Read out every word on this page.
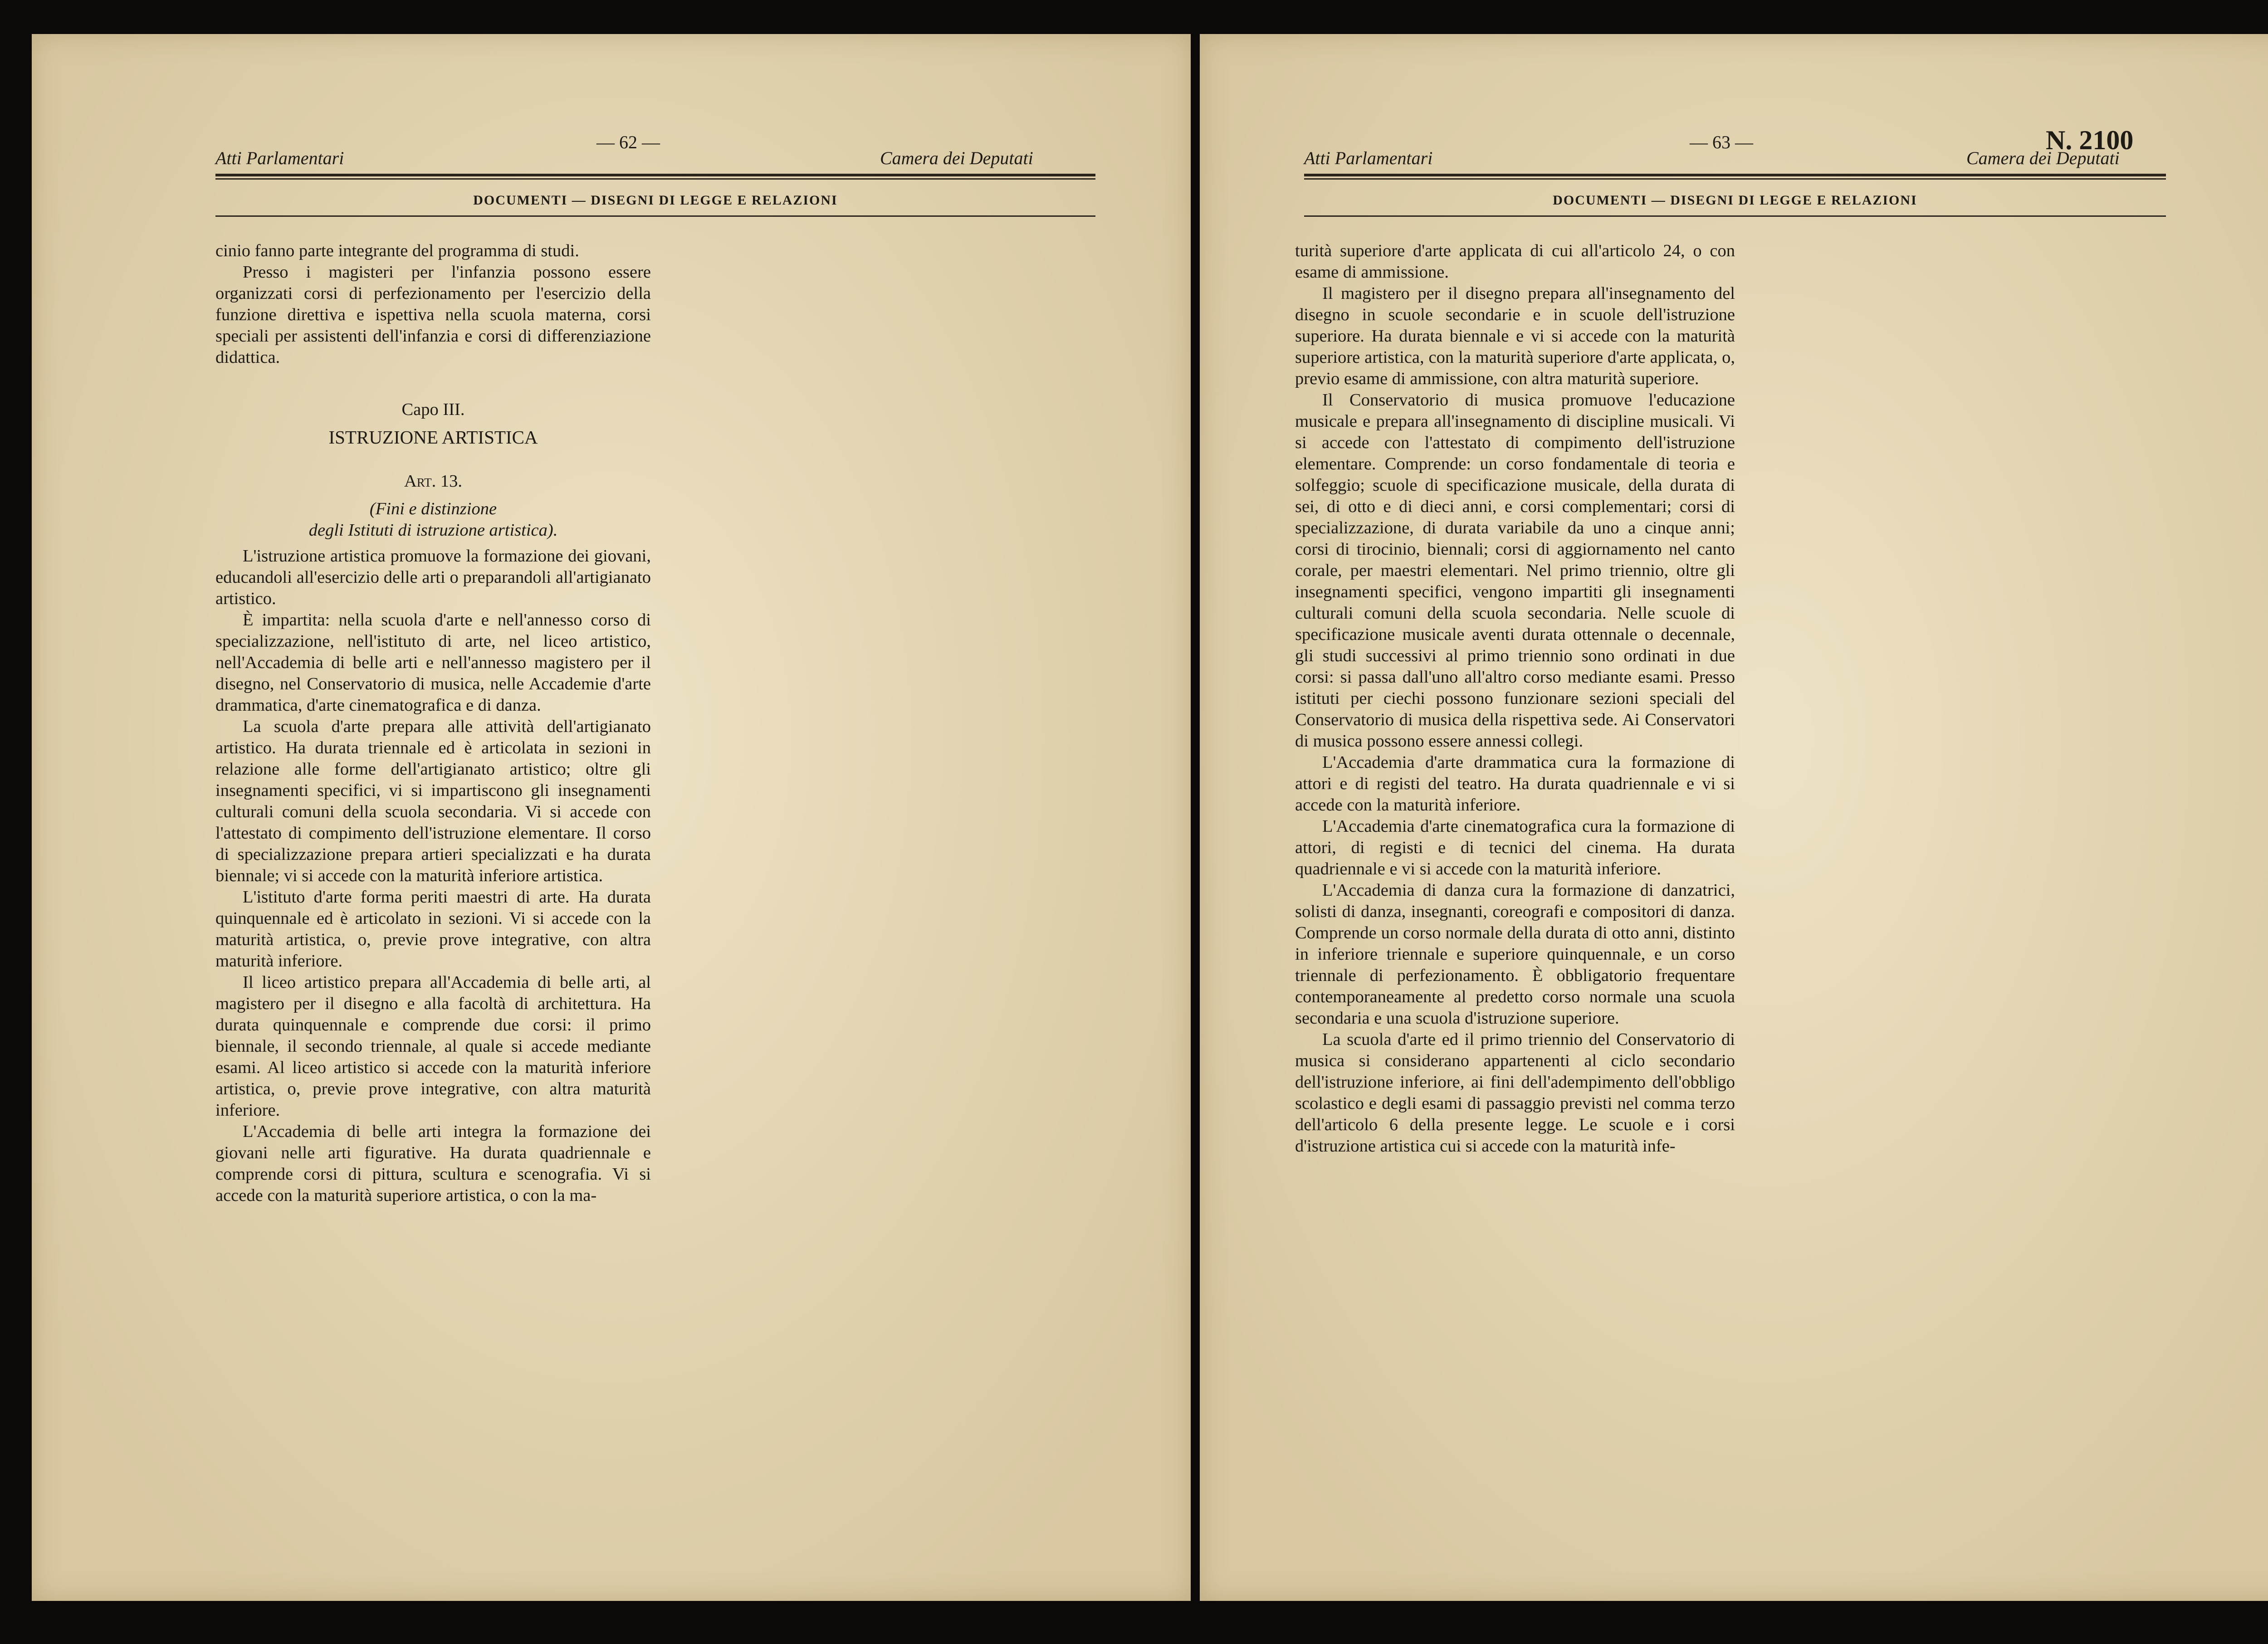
Atti Parlamentari
— 62 —
Camera dei Deputati
DOCUMENTI — DISEGNI DI LEGGE E RELAZIONI

cinio fanno parte integrante del programma di studi.

Presso i magisteri per l'infanzia possono essere organizzati corsi di perfezionamento per l'esercizio della funzione direttiva e ispettiva nella scuola materna, corsi speciali per assistenti dell'infanzia e corsi di differenziazione didattica.

Capo III.

ISTRUZIONE ARTISTICA

Art. 13.

(Fini e distinzione

degli Istituti di istruzione artistica).

L'istruzione artistica promuove la formazione dei giovani, educandoli all'esercizio delle arti o preparandoli all'artigianato artistico.

È impartita: nella scuola d'arte e nell'annesso corso di specializzazione, nell'istituto di arte, nel liceo artistico, nell'Accademia di belle arti e nell'annesso magistero per il disegno, nel Conservatorio di musica, nelle Accademie d'arte drammatica, d'arte cinematografica e di danza.

La scuola d'arte prepara alle attività dell'artigianato artistico. Ha durata triennale ed è articolata in sezioni in relazione alle forme dell'artigianato artistico; oltre gli insegnamenti specifici, vi si impartiscono gli insegnamenti culturali comuni della scuola secondaria. Vi si accede con l'attestato di compimento dell'istruzione elementare. Il corso di specializzazione prepara artieri specializzati e ha durata biennale; vi si accede con la maturità inferiore artistica.

L'istituto d'arte forma periti maestri di arte. Ha durata quinquennale ed è articolato in sezioni. Vi si accede con la maturità artistica, o, previe prove integrative, con altra maturità inferiore.

Il liceo artistico prepara all'Accademia di belle arti, al magistero per il disegno e alla facoltà di architettura. Ha durata quinquennale e comprende due corsi: il primo biennale, il secondo triennale, al quale si accede mediante esami. Al liceo artistico si accede con la maturità inferiore artistica, o, previe prove integrative, con altra maturità inferiore.

L'Accademia di belle arti integra la formazione dei giovani nelle arti figurative. Ha durata quadriennale e comprende corsi di pittura, scultura e scenografia. Vi si accede con la maturità superiore artistica, o con la ma-

Atti Parlamentari
— 63 —	N. 2100
Camera dei Deputati
DOCUMENTI — DISEGNI DI LEGGE E RELAZIONI

turità superiore d'arte applicata di cui all'articolo 24, o con esame di ammissione.

Il magistero per il disegno prepara all'insegnamento del disegno in scuole secondarie e in scuole dell'istruzione superiore. Ha durata biennale e vi si accede con la maturità superiore artistica, con la maturità superiore d'arte applicata, o, previo esame di ammissione, con altra maturità superiore.

Il Conservatorio di musica promuove l'educazione musicale e prepara all'insegnamento di discipline musicali. Vi si accede con l'attestato di compimento dell'istruzione elementare. Comprende: un corso fondamentale di teoria e solfeggio; scuole di specificazione musicale, della durata di sei, di otto e di dieci anni, e corsi complementari; corsi di specializzazione, di durata variabile da uno a cinque anni; corsi di tirocinio, biennali; corsi di aggiornamento nel canto corale, per maestri elementari. Nel primo triennio, oltre gli insegnamenti specifici, vengono impartiti gli insegnamenti culturali comuni della scuola secondaria. Nelle scuole di specificazione musicale aventi durata ottennale o decennale, gli studi successivi al primo triennio sono ordinati in due corsi: si passa dall'uno all'altro corso mediante esami. Presso istituti per ciechi possono funzionare sezioni speciali del Conservatorio di musica della rispettiva sede. Ai Conservatori di musica possono essere annessi collegi.

L'Accademia d'arte drammatica cura la formazione di attori e di registi del teatro. Ha durata quadriennale e vi si accede con la maturità inferiore.

L'Accademia d'arte cinematografica cura la formazione di attori, di registi e di tecnici del cinema. Ha durata quadriennale e vi si accede con la maturità inferiore.

L'Accademia di danza cura la formazione di danzatrici, solisti di danza, insegnanti, coreografi e compositori di danza. Comprende un corso normale della durata di otto anni, distinto in inferiore triennale e superiore quinquennale, e un corso triennale di perfezionamento. È obbligatorio frequentare contemporaneamente al predetto corso normale una scuola secondaria e una scuola d'istruzione superiore.

La scuola d'arte ed il primo triennio del Conservatorio di musica si considerano appartenenti al ciclo secondario dell'istruzione inferiore, ai fini dell'adempimento dell'obbligo scolastico e degli esami di passaggio previsti nel comma terzo dell'articolo 6 della presente legge. Le scuole e i corsi d'istruzione artistica cui si accede con la maturità infe-
